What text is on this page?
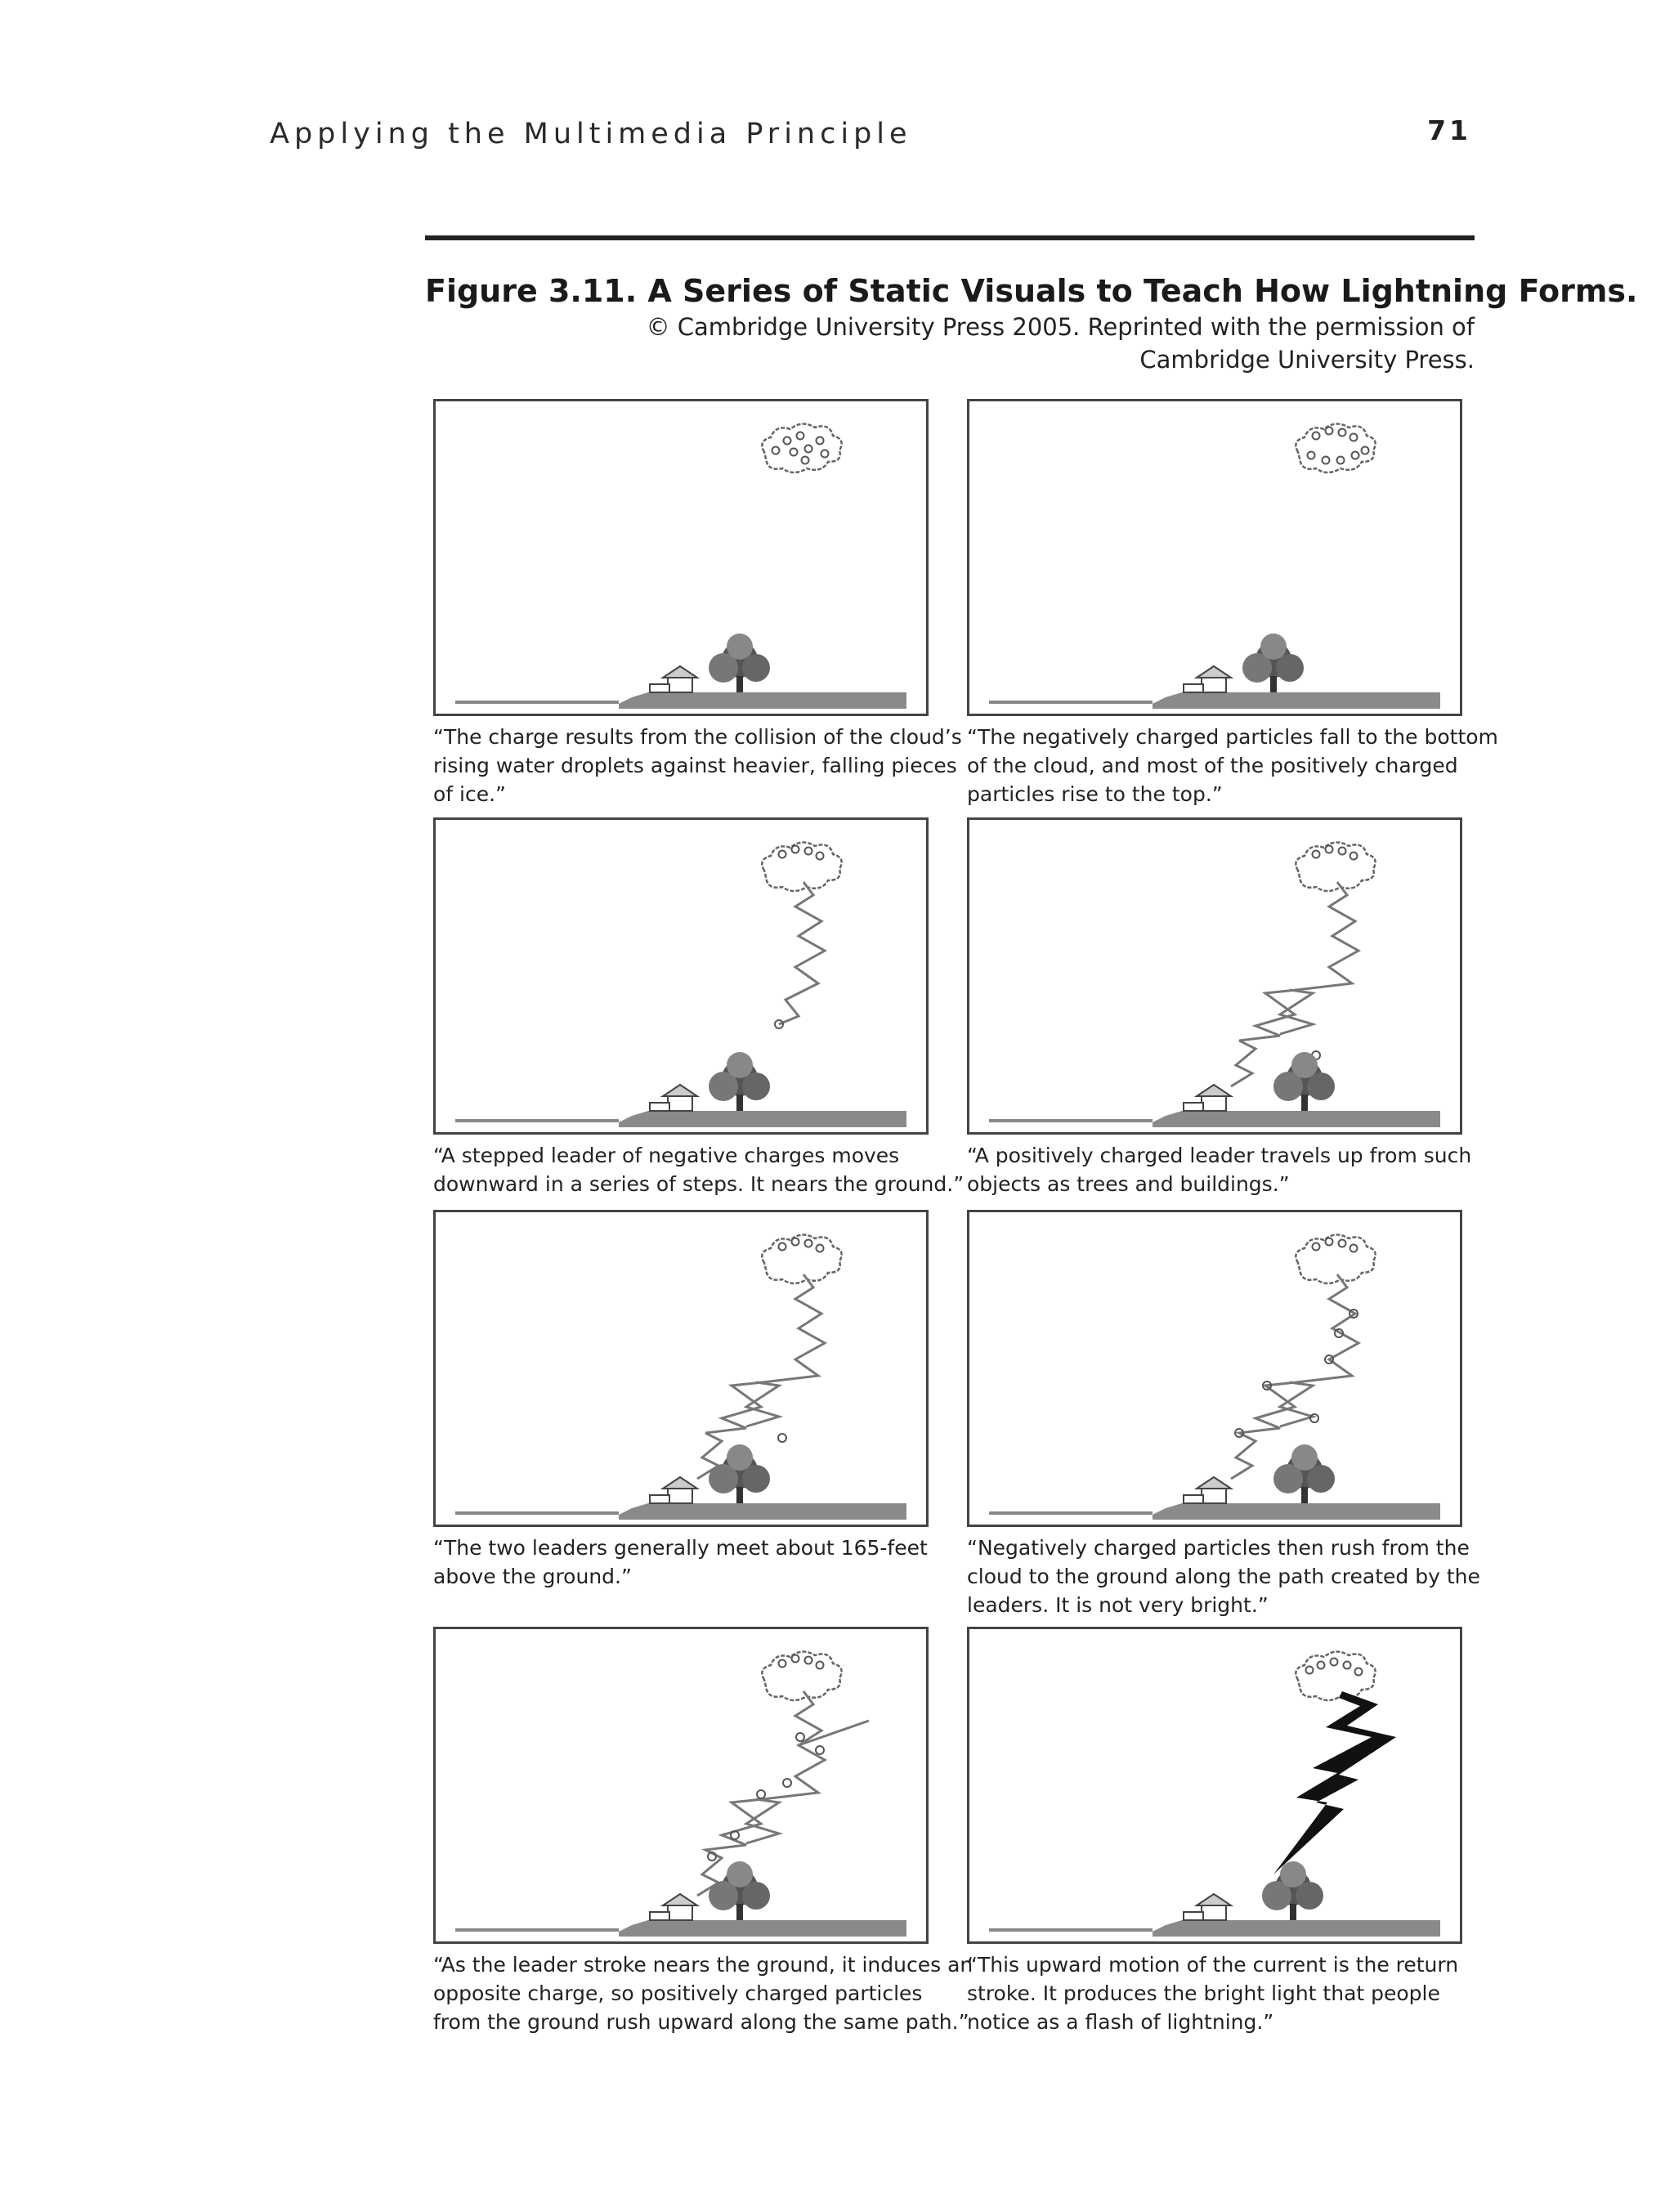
Applying the Multimedia Principle	71
Figure 3.11. A Series of Static Visuals to Teach How Lightning Forms.
© Cambridge University Press 2005. Reprinted with the permission of
Cambridge University Press.
“The charge results from the collision of the cloud’s
rising water droplets against heavier, falling pieces
of ice.”
“The negatively charged particles fall to the bottom
of the cloud, and most of the positively charged
particles rise to the top.”
“A stepped leader of negative charges moves
downward in a series of steps. It nears the ground.”
“A positively charged leader travels up from such
objects as trees and buildings.”
“The two leaders generally meet about 165-feet
above the ground.”
“Negatively charged particles then rush from the
cloud to the ground along the path created by the
leaders. It is not very bright.”
“As the leader stroke nears the ground, it induces an
opposite charge, so positively charged particles
from the ground rush upward along the same path.”
“This upward motion of the current is the return
stroke. It produces the bright light that people
notice as a flash of lightning.”
